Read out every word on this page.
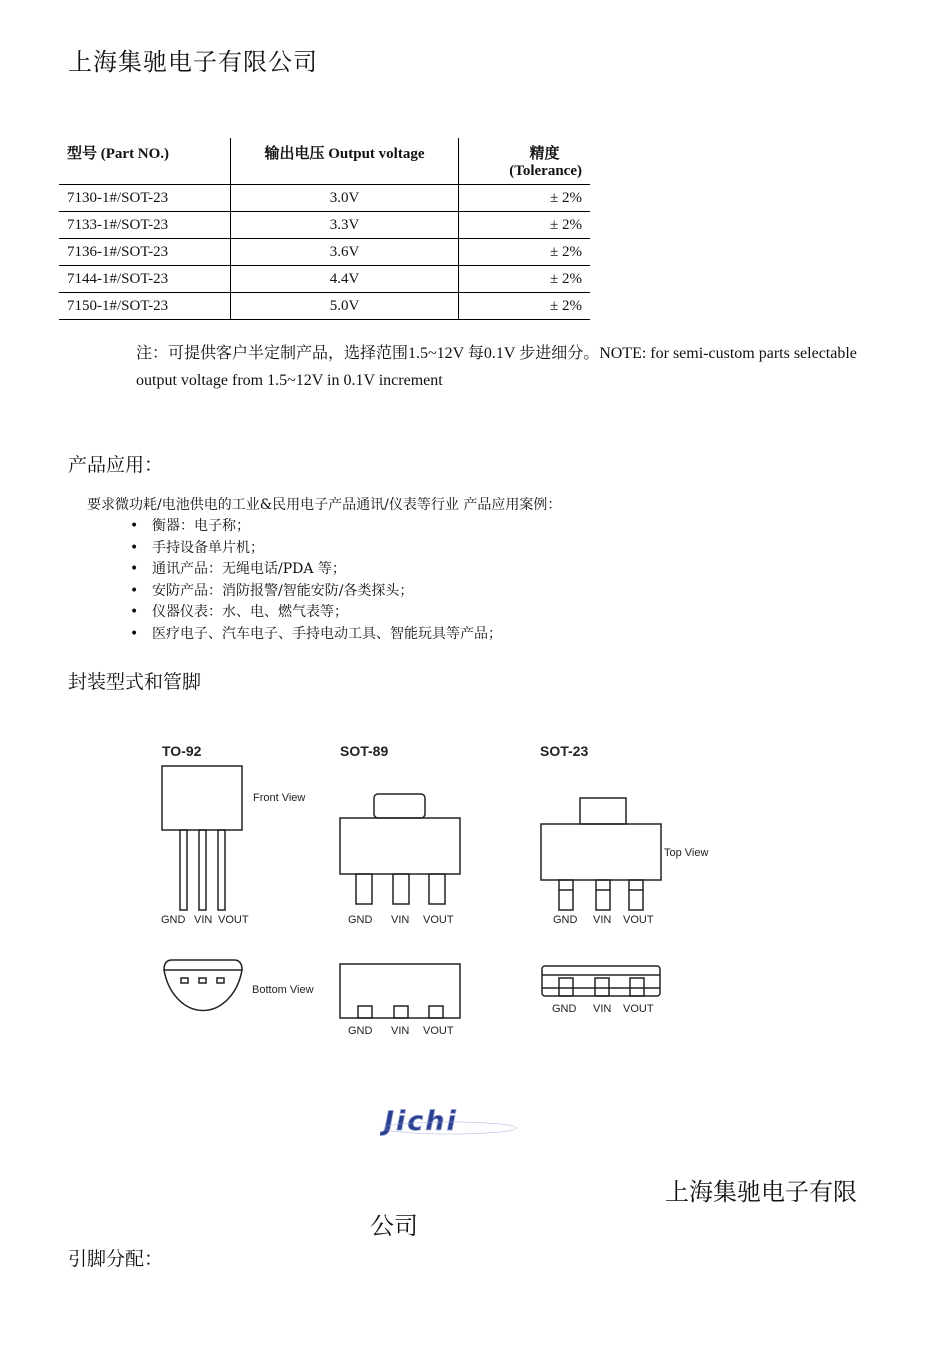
上海集驰电子有限公司
型号 (Part NO.)	输出电压 Output voltage	精度
(Tolerance)

7130-1#/SOT-23	3.0V	± 2%
7133-1#/SOT-23	3.3V	± 2%
7136-1#/SOT-23	3.6V	± 2%
7144-1#/SOT-23	4.4V	± 2%
7150-1#/SOT-23	5.0V	± 2%
注：可提供客户半定制产品，选择范围1.5~12V 每0.1V 步进细分。NOTE: for semi-custom parts selectable output voltage from 1.5~12V in 0.1V increment
产品应用：
要求微功耗/电池供电的工业&民用电子产品通讯/仪表等行业 产品应用案例：
• 衡器：电子称；
• 手持设备单片机；
• 通讯产品：无绳电话/PDA 等；
• 安防产品：消防报警/智能安防/各类探头；
• 仪器仪表：水、电、燃气表等；
• 医疗电子、汽车电子、手持电动工具、智能玩具等产品；
封装型式和管脚
TO-92
Front View
GND VIN VOUT
Bottom View
SOT-89
GND VIN VOUT
GND VIN VOUT
SOT-23
Top View
GND VIN VOUT
GND VIN VOUT
Jichi
上海集驰电子有限
公司
引脚分配：
